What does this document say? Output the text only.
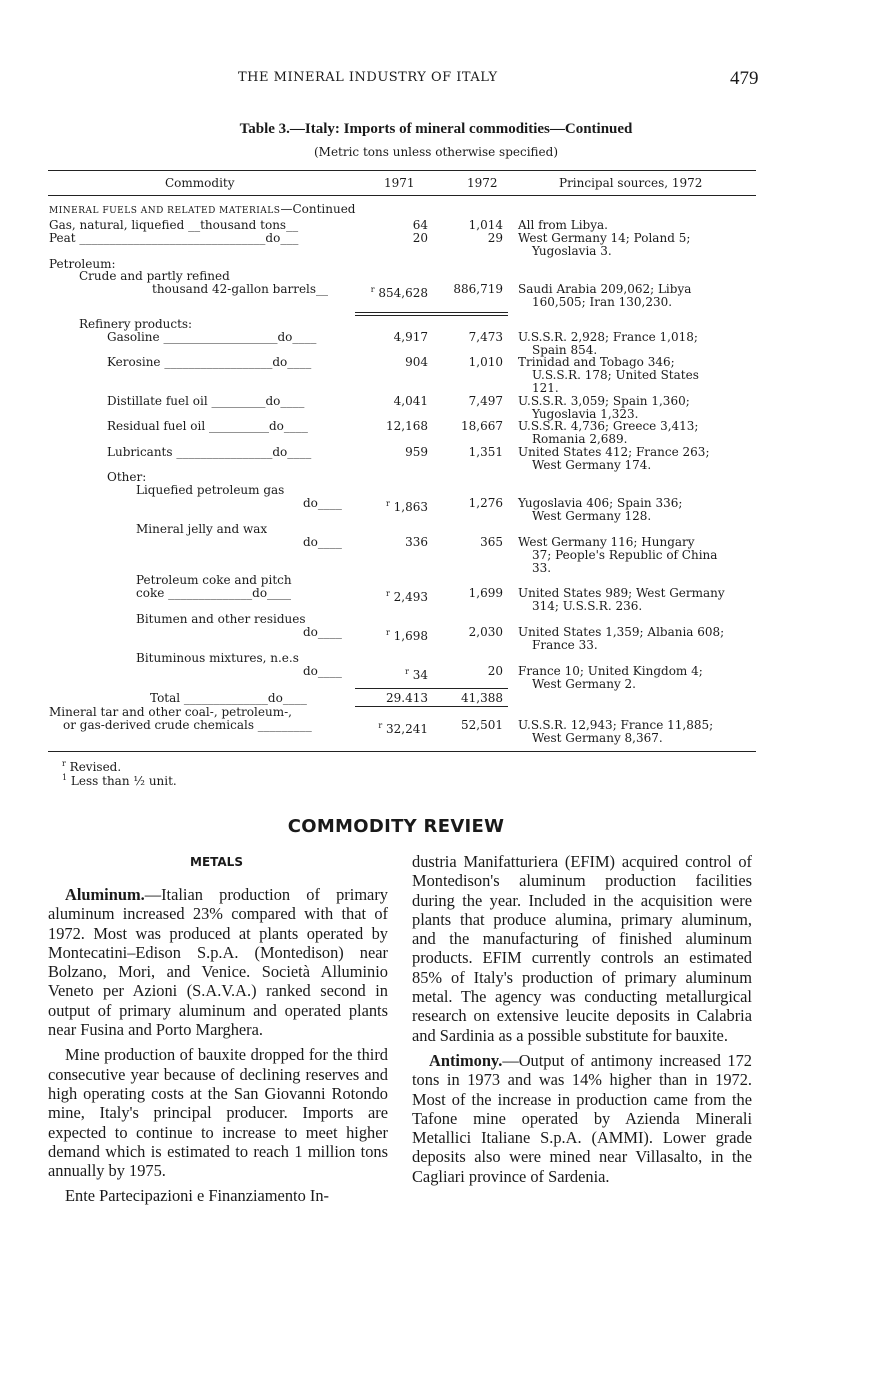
THE MINERAL INDUSTRY OF ITALY	479
Table 3.—Italy: Imports of mineral commodities—Continued
(Metric tons unless otherwise specified)
Commodity	1971	1972	Principal sources, 1972
MINERAL FUELS AND RELATED MATERIALS—Continued
Gas, natural, liquefied __thousand tons__	64	1,014 All from Libya.
Peat _______________________________do___	20	29 West Germany 14; Poland 5;
Yugoslavia 3.
Petroleum:
Crude and partly refined
thousand 42-gallon barrels__	$^r$ 854,628	886,719 Saudi Arabia 209,062; Libya
160,505; Iran 130,230.
Refinery products:
Gasoline ___________________do____	4,917	7,473 U.S.S.R. 2,928; France 1,018;
Spain 854.
Kerosine __________________do____	904	1,010 Trinidad and Tobago 346;
U.S.S.R. 178; United States
121.
Distillate fuel oil _________do____	4,041	7,497 U.S.S.R. 3,059; Spain 1,360;
Yugoslavia 1,323.
Residual fuel oil __________do____	12,168	18,667 U.S.S.R. 4,736; Greece 3,413;
Romania 2,689.
Lubricants ________________do____	959	1,351 United States 412; France 263;
West Germany 174.
Other:
Liquefied petroleum gas
do____	$^r$ 1,863	1,276 Yugoslavia 406; Spain 336;
West Germany 128.
Mineral jelly and wax
do____	336	365 West Germany 116; Hungary
37; People's Republic of China
33.
Petroleum coke and pitch
coke ______________do____	$^r$ 2,493	1,699 United States 989; West Germany
314; U.S.S.R. 236.
Bitumen and other residues
do____	$^r$ 1,698	2,030 United States 1,359; Albania 608;
France 33.
Bituminous mixtures, n.e.s
do____	$^r$ 34	20 France 10; United Kingdom 4;
West Germany 2.
Total ______________do____	29.413	41,388
Mineral tar and other coal-, petroleum-,
or gas-derived crude chemicals _________	$^r$ 32,241	52,501 U.S.S.R. 12,943; France 11,885;
West Germany 8,367.
$^r$ Revised.
$^1$ Less than ½ unit.
COMMODITY REVIEW
METALS

Aluminum.—Italian production of primary aluminum increased 23% compared with that of 1972. Most was produced at plants operated by Montecatini–Edison S.p.A. (Montedison) near Bolzano, Mori, and Venice. Società Alluminio Veneto per Azioni (S.A.V.A.) ranked second in output of primary aluminum and operated plants near Fusina and Porto Marghera.

Mine production of bauxite dropped for the third consecutive year because of declining reserves and high operating costs at the San Giovanni Rotondo mine, Italy's principal producer. Imports are expected to continue to increase to meet higher demand which is estimated to reach 1 million tons annually by 1975.

Ente Partecipazioni e Finanziamento In-

dustria Manifatturiera (EFIM) acquired control of Montedison's aluminum production facilities during the year. Included in the acquisition were plants that produce alumina, primary aluminum, and the manufacturing of finished aluminum products. EFIM currently controls an estimated 85% of Italy's production of primary aluminum metal. The agency was conducting metallurgical research on extensive leucite deposits in Calabria and Sardinia as a possible substitute for bauxite.

Antimony.—Output of antimony increased 172 tons in 1973 and was 14% higher than in 1972. Most of the increase in production came from the Tafone mine operated by Azienda Minerali Metallici Italiane S.p.A. (AMMI). Lower grade deposits also were mined near Villasalto, in the Cagliari province of Sardenia.
